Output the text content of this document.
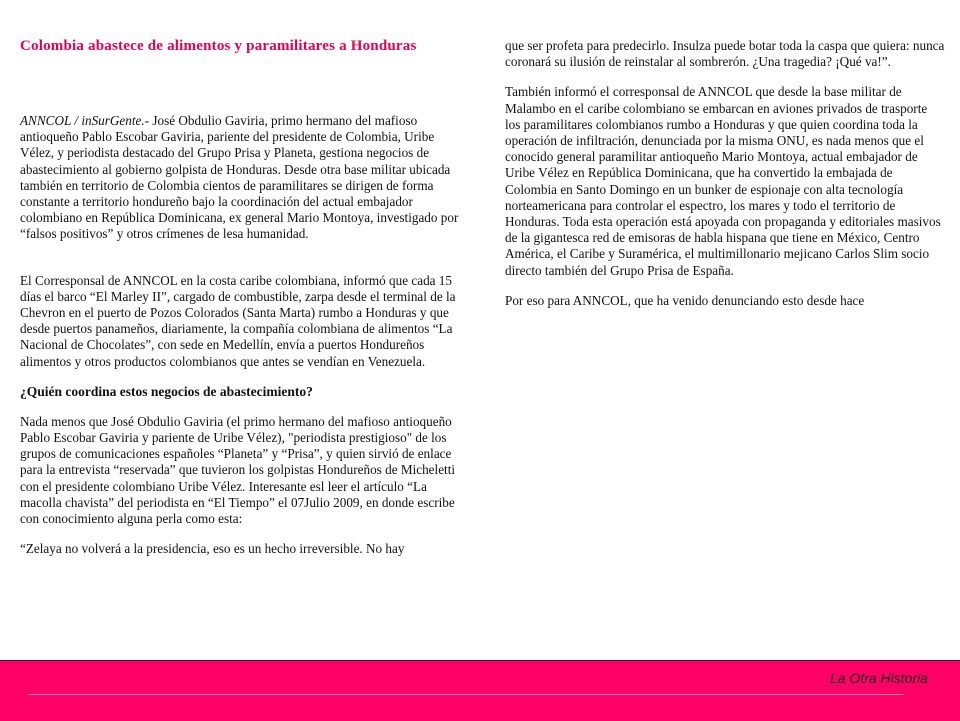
Colombia abastece de alimentos y paramilitares a Honduras

ANNCOL / inSurGente.- José Obdulio Gaviria, primo hermano del mafioso antioqueño Pablo Escobar Gaviria, pariente del presidente de Colombia, Uribe Vélez, y periodista destacado del Grupo Prisa y Planeta, gestiona negocios de abastecimiento al gobierno golpista de Honduras. Desde otra base militar ubicada también en territorio de Colombia cientos de paramilitares se dirigen de forma constante a territorio hondureño bajo la coordinación del actual embajador colombiano en República Dominicana, ex general Mario Montoya, investigado por “falsos positivos” y otros crímenes de lesa humanidad.

El Corresponsal de ANNCOL en la costa caribe colombiana, informó que cada 15 días el barco “El Marley II”, cargado de combustible, zarpa desde el terminal de la Chevron en el puerto de Pozos Colorados (Santa Marta) rumbo a Honduras y que desde puertos panameños, diariamente, la compañía colombiana de alimentos “La Nacional de Chocolates”, con sede en Medellín, envía a puertos Hondureños alimentos y otros productos colombianos que antes se vendían en Venezuela.

¿Quién coordina estos negocios de abastecimiento?

Nada menos que José Obdulio Gaviria (el primo hermano del mafioso antioqueño Pablo Escobar Gaviria y pariente de Uribe Vélez), "periodista prestigioso" de los grupos de comunicaciones españoles “Planeta” y “Prisa”, y quien sirvió de enlace para la entrevista “reservada” que tuvieron los golpistas Hondureños de Micheletti con el presidente colombiano Uribe Vélez. Interesante esl leer el artículo “La macolla chavista” del periodista en “El Tiempo” el 07Julio 2009, en donde escribe con conocimiento alguna perla como esta:

“Zelaya no volverá a la presidencia, eso es un hecho irreversible. No hay

que ser profeta para predecirlo. Insulza puede botar toda la caspa que quiera: nunca coronará su ilusión de reinstalar al sombrerón. ¿Una tragedia? ¡Qué va!”.

También informó el corresponsal de ANNCOL que desde la base militar de Malambo en el caribe colombiano se embarcan en aviones privados de trasporte los paramilitares colombianos rumbo a Honduras y que quien coordina toda la operación de infiltración, denunciada por la misma ONU, es nada menos que el conocido general paramilitar antioqueño Mario Montoya, actual embajador de Uribe Vélez en República Dominicana, que ha convertido la embajada de Colombia en Santo Domingo en un bunker de espionaje con alta tecnología norteamericana para controlar el espectro, los mares y todo el territorio de Honduras. Toda esta operación está apoyada con propaganda y editoriales masivos de la gigantesca red de emisoras de habla hispana que tiene en México, Centro América, el Caribe y Suramérica, el multimillonario mejicano Carlos Slim socio directo también del Grupo Prisa de España.

Por eso para ANNCOL, que ha venido denunciando esto desde hace

La Otra Historia
